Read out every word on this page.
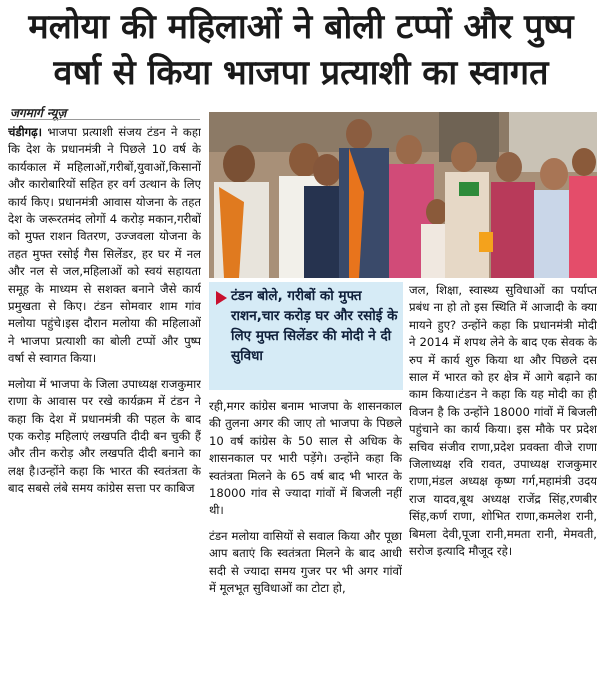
मलोया की महिलाओं ने बोली टप्पों और पुष्प
वर्षा से किया भाजपा प्रत्याशी का स्वागत
जगमार्ग न्यूज़

चंडीगढ़। भाजपा प्रत्याशी संजय टंडन ने कहा कि देश के प्रधानमंत्री ने पिछले 10 वर्ष के कार्यकाल में महिलाओं,गरीबों,युवाओं,किसानों और कारोबारियों सहित हर वर्ग उत्थान के लिए कार्य किए। प्रधानमंत्री आवास योजना के तहत देश के जरूरतमंद लोगों 4 करोड़ मकान,गरीबों को मुफ्त राशन वितरण, उज्जवला योजना के तहत मुफ्त रसोई गैस सिलेंडर, हर घर में नल और नल से जल,महिलाओं को स्वयं सहायता समूह के माध्यम से सशक्त बनाने जैसे कार्य प्रमुखता से किए। टंडन सोमवार शाम गांव मलोया पहुंचे।इस दौरान मलोया की महिलाओं ने भाजपा प्रत्याशी का बोली टप्पों और पुष्प वर्षा से स्वागत किया।

मलोया में भाजपा के जिला उपाध्यक्ष राजकुमार राणा के आवास पर रखे कार्यक्रम में टंडन ने कहा कि देश में प्रधानमंत्री की पहल के बाद एक करोड़ महिलाएं लखपति दीदी बन चुकी हैं और तीन करोड़ और लखपति दीदी बनाने का लक्ष है।उन्होंने कहा कि भारत की स्वतंत्रता के बाद सबसे लंबे समय कांग्रेस सत्ता पर काबिज

टंडन बोले, गरीबों को मुफ्त राशन,चार करोड़ घर और रसोई के लिए मुफ्त सिलेंडर की मोदी ने दी सुविधा

रही,मगर कांग्रेस बनाम भाजपा के शासनकाल की तुलना अगर की जाए तो भाजपा के पिछले 10 वर्ष कांग्रेस के 50 साल से अधिक के शासनकाल पर भारी पड़ेंगे। उन्होंने कहा कि स्वतंत्रता मिलने के 65 वर्ष बाद भी भारत के 18000 गांव से ज्यादा गांवों में बिजली नहीं थी।

टंडन मलोया वासियों से सवाल किया और पूछा आप बताएं कि स्वतंत्रता मिलने के बाद आधी सदी से ज्यादा समय गुजर पर भी अगर गांवों में मूलभूत सुविधाओं का टोटा हो,

जल, शिक्षा, स्वास्थ्य सुविधाओं का पर्याप्त प्रबंध ना हो तो इस स्थिति में आजादी के क्या मायने हुए? उन्होंने कहा कि प्रधानमंत्री मोदी ने 2014 में शपथ लेने के बाद एक सेवक के रुप में कार्य शुरु किया था और पिछले दस साल में भारत को हर क्षेत्र में आगे बढ़ाने का काम किया।टंडन ने कहा कि यह मोदी का ही विजन है कि उन्होंने 18000 गांवों में बिजली पहुंचाने का कार्य किया। इस मौके पर प्रदेश सचिव संजीव राणा,प्रदेश प्रवक्ता वीजे राणा जिलाध्यक्ष रवि रावत, उपाध्यक्ष राजकुमार राणा,मंडल अध्यक्ष कृष्ण गर्ग,महामंत्री उदय राज यादव,बूथ अध्यक्ष राजेंद्र सिंह,रणबीर सिंह,कर्ण राणा, शोभित राणा,कमलेश रानी, बिमला देवी,पूजा रानी,ममता रानी, मेमवती, सरोज इत्यादि मौजूद रहे।
